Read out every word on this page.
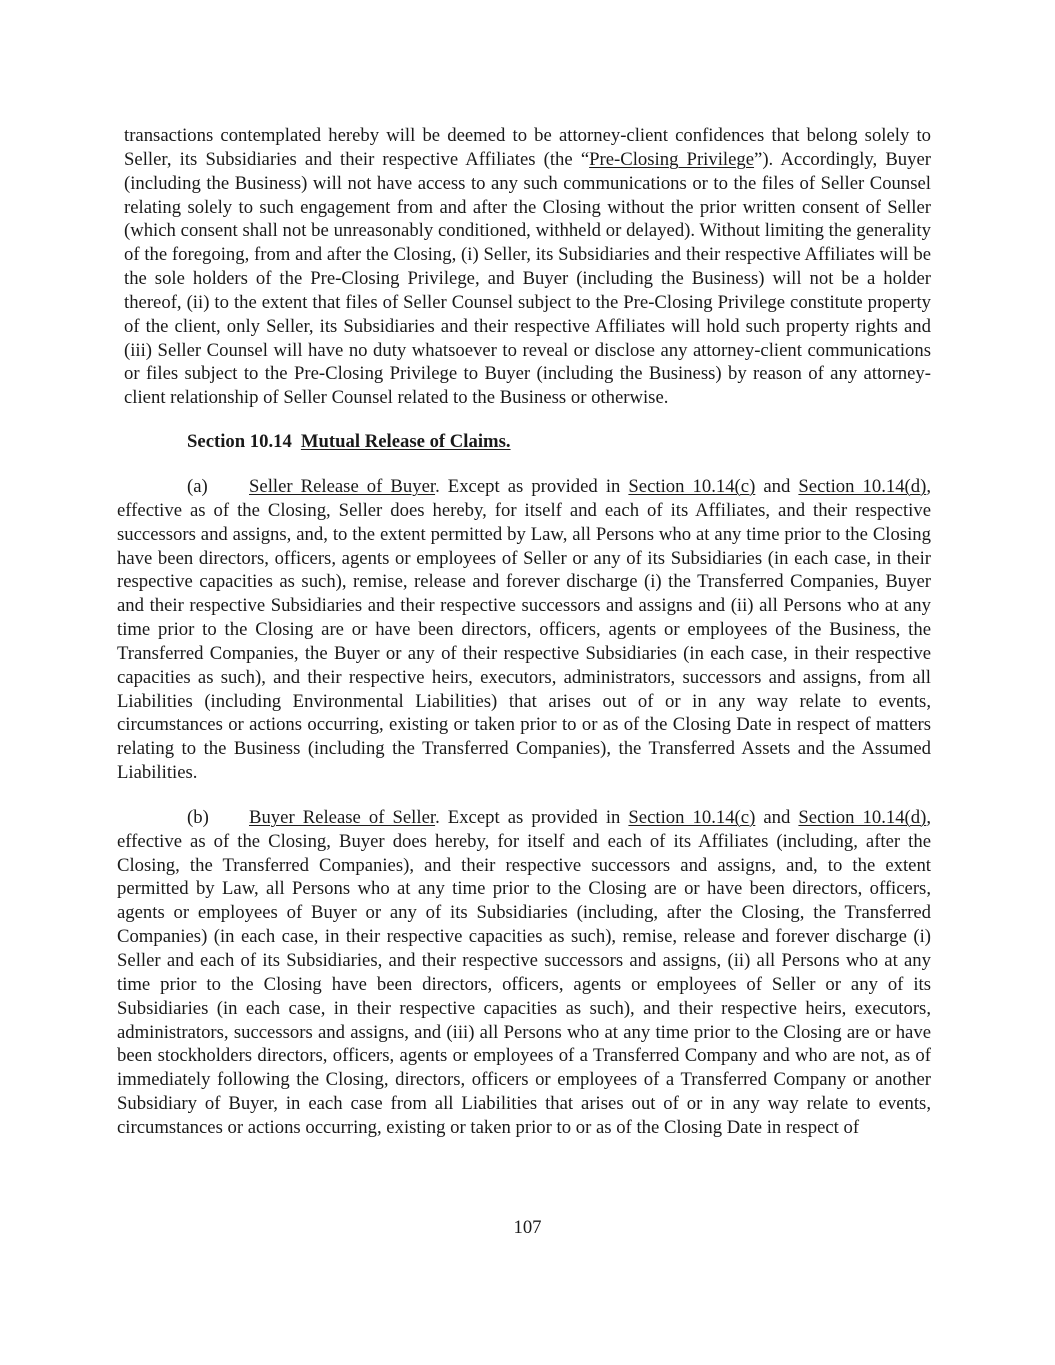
transactions contemplated hereby will be deemed to be attorney-client confidences that belong solely to Seller, its Subsidiaries and their respective Affiliates (the “Pre-Closing Privilege”). Accordingly, Buyer (including the Business) will not have access to any such communications or to the files of Seller Counsel relating solely to such engagement from and after the Closing without the prior written consent of Seller (which consent shall not be unreasonably conditioned, withheld or delayed). Without limiting the generality of the foregoing, from and after the Closing, (i) Seller, its Subsidiaries and their respective Affiliates will be the sole holders of the Pre-Closing Privilege, and Buyer (including the Business) will not be a holder thereof, (ii) to the extent that files of Seller Counsel subject to the Pre-Closing Privilege constitute property of the client, only Seller, its Subsidiaries and their respective Affiliates will hold such property rights and (iii) Seller Counsel will have no duty whatsoever to reveal or disclose any attorney-client communications or files subject to the Pre-Closing Privilege to Buyer (including the Business) by reason of any attorney-client relationship of Seller Counsel related to the Business or otherwise.

Section 10.14 Mutual Release of Claims.

(a) Seller Release of Buyer. Except as provided in Section 10.14(c) and Section 10.14(d), effective as of the Closing, Seller does hereby, for itself and each of its Affiliates, and their respective successors and assigns, and, to the extent permitted by Law, all Persons who at any time prior to the Closing have been directors, officers, agents or employees of Seller or any of its Subsidiaries (in each case, in their respective capacities as such), remise, release and forever discharge (i) the Transferred Companies, Buyer and their respective Subsidiaries and their respective successors and assigns and (ii) all Persons who at any time prior to the Closing are or have been directors, officers, agents or employees of the Business, the Transferred Companies, the Buyer or any of their respective Subsidiaries (in each case, in their respective capacities as such), and their respective heirs, executors, administrators, successors and assigns, from all Liabilities (including Environmental Liabilities) that arises out of or in any way relate to events, circumstances or actions occurring, existing or taken prior to or as of the Closing Date in respect of matters relating to the Business (including the Transferred Companies), the Transferred Assets and the Assumed Liabilities.

(b) Buyer Release of Seller. Except as provided in Section 10.14(c) and Section 10.14(d), effective as of the Closing, Buyer does hereby, for itself and each of its Affiliates (including, after the Closing, the Transferred Companies), and their respective successors and assigns, and, to the extent permitted by Law, all Persons who at any time prior to the Closing are or have been directors, officers, agents or employees of Buyer or any of its Subsidiaries (including, after the Closing, the Transferred Companies) (in each case, in their respective capacities as such), remise, release and forever discharge (i) Seller and each of its Subsidiaries, and their respective successors and assigns, (ii) all Persons who at any time prior to the Closing have been directors, officers, agents or employees of Seller or any of its Subsidiaries (in each case, in their respective capacities as such), and their respective heirs, executors, administrators, successors and assigns, and (iii) all Persons who at any time prior to the Closing are or have been stockholders directors, officers, agents or employees of a Transferred Company and who are not, as of immediately following the Closing, directors, officers or employees of a Transferred Company or another Subsidiary of Buyer, in each case from all Liabilities that arises out of or in any way relate to events, circumstances or actions occurring, existing or taken prior to or as of the Closing Date in respect of

107
